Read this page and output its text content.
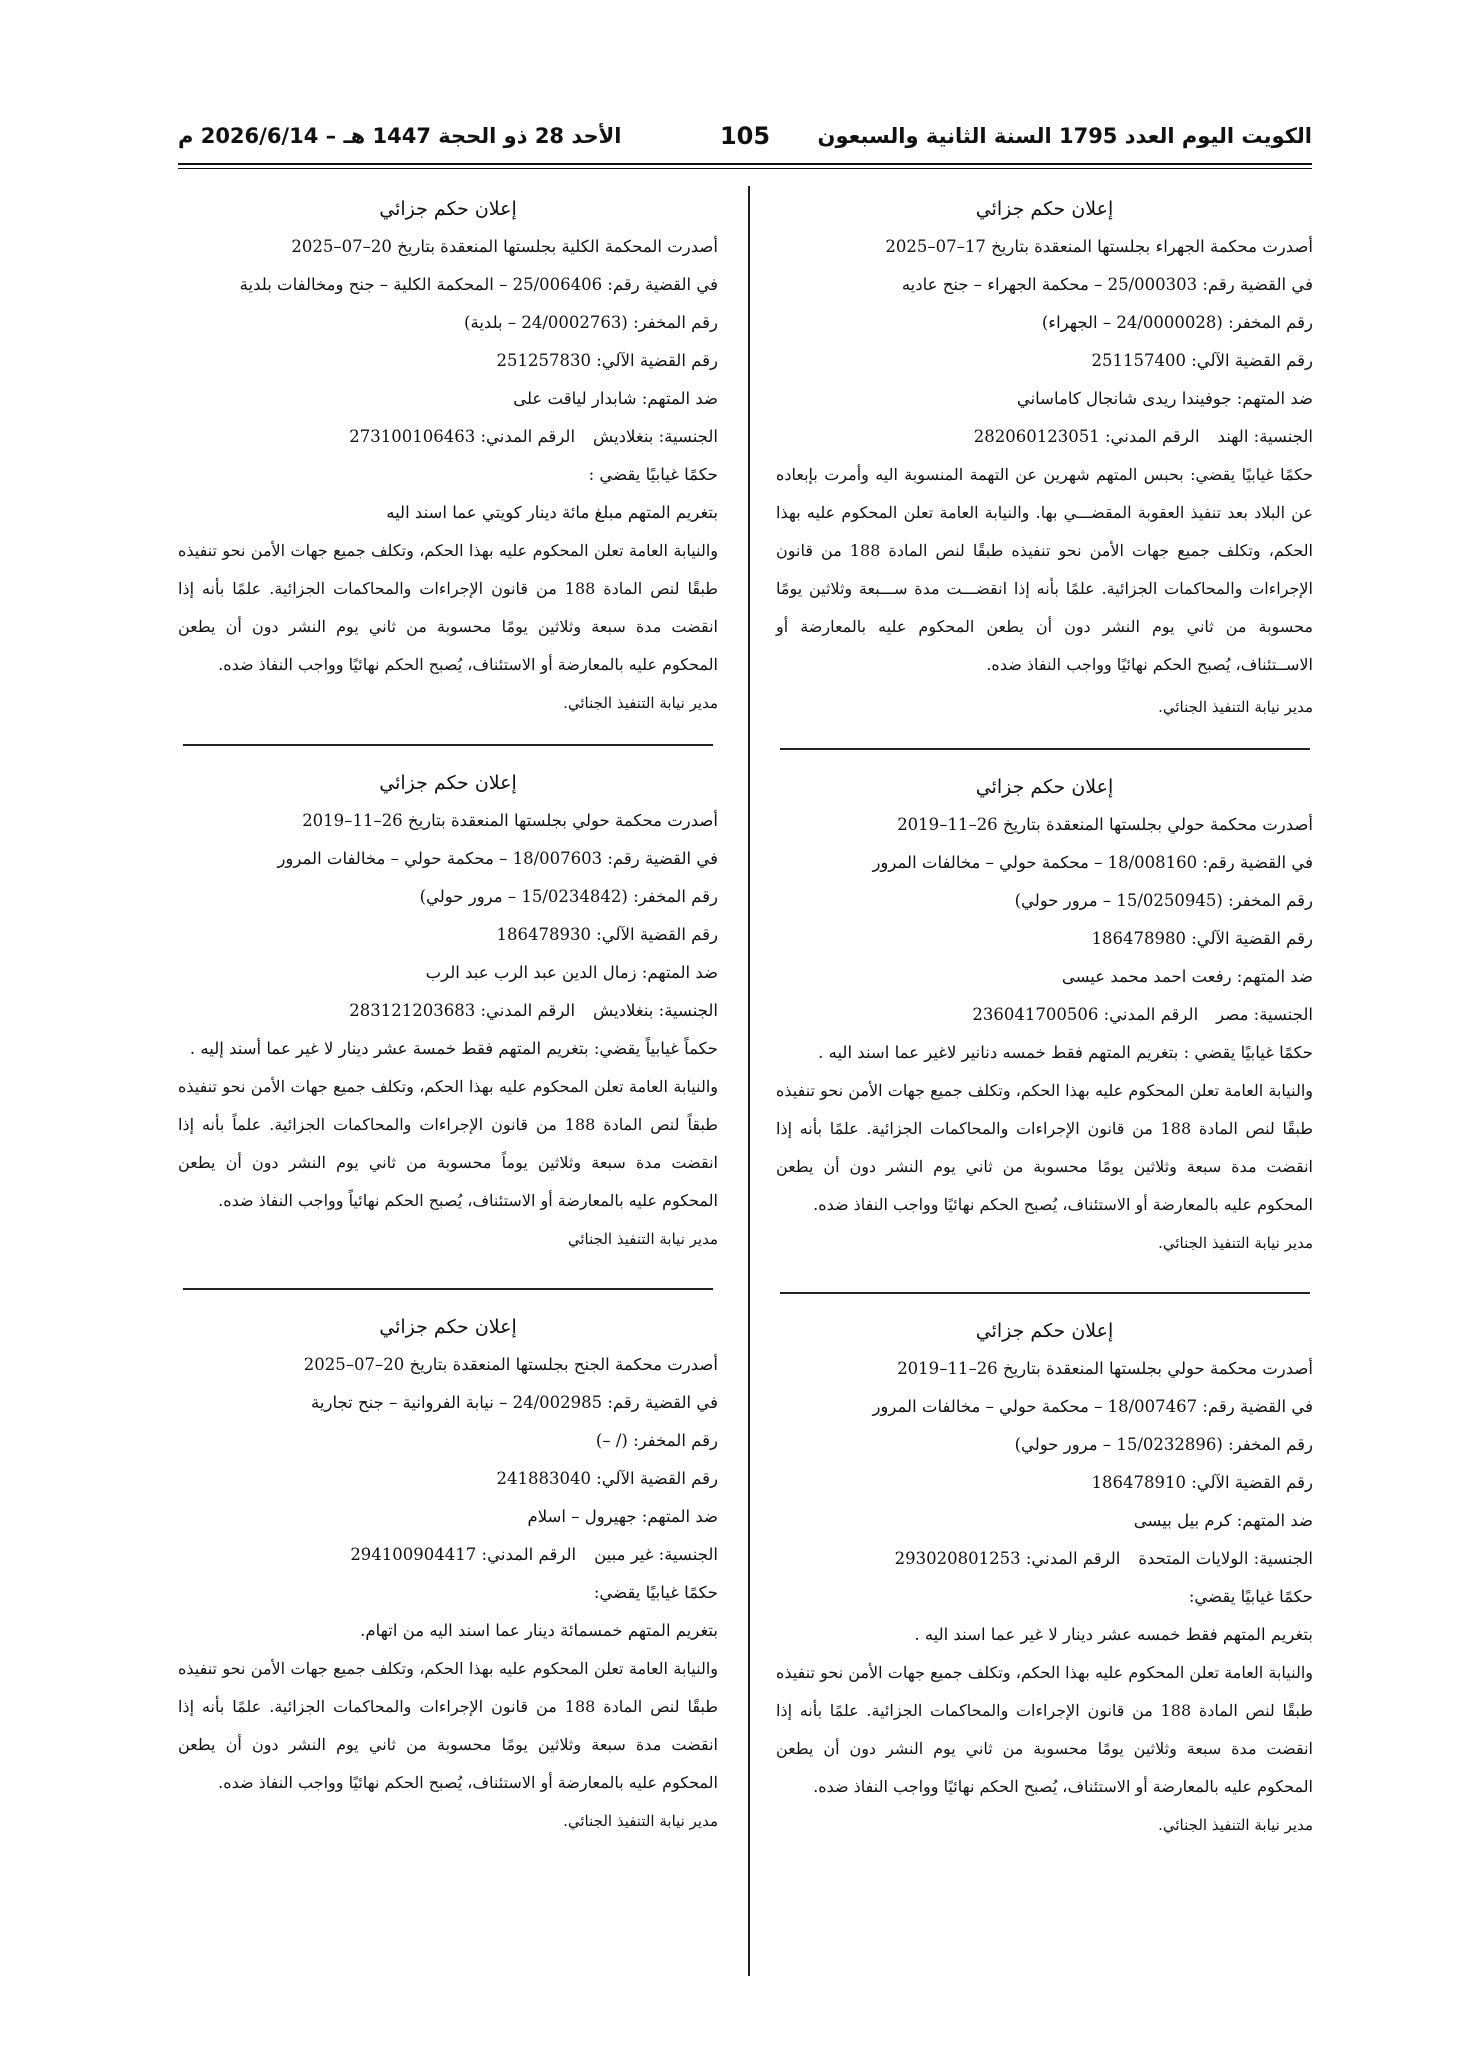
الكويت اليوم العدد 1795 السنة الثانية والسبعون
105
الأحد 28 ذو الحجة 1447 هـ – 2026/6/14 م
إعلان حكم جزائي
أصدرت محكمة الجهراء بجلستها المنعقدة بتاريخ 17–07–2025
في القضية رقم: 25/000303 – محكمة الجهراء – جنح عاديه
رقم المخفر: (24/0000028 – الجهراء)
رقم القضية الآلي: 251157400
ضد المتهم: جوفيندا ريدى شانجال كاماساني
الجنسية: الهندالرقم المدني: 282060123051
حكمًا غيابيًا يقضي: بحبس المتهم شهرين عن التهمة المنسوبة اليه وأمرت بإبعاده عن البلاد بعد تنفيذ العقوبة المقضـــي بها. والنيابة العامة تعلن المحكوم عليه بهذا الحكم، وتكلف جميع جهات الأمن نحو تنفيذه طبقًا لنص المادة 188 من قانون الإجراءات والمحاكمات الجزائية. علمًا بأنه إذا انقضـــت مدة ســـبعة وثلاثين يومًا محسوبة من ثاني يوم النشر دون أن يطعن المحكوم عليه بالمعارضة أو الاســتئناف، يُصبح الحكم نهائيًا وواجب النفاذ ضده.
مدير نيابة التنفيذ الجنائي.
إعلان حكم جزائي
أصدرت محكمة حولي بجلستها المنعقدة بتاريخ 26–11–2019
في القضية رقم: 18/008160 – محكمة حولي – مخالفات المرور
رقم المخفر: (15/0250945 – مرور حولي)
رقم القضية الآلي: 186478980
ضد المتهم: رفعت احمد محمد عيسى
الجنسية: مصرالرقم المدني: 236041700506
حكمًا غيابيًا يقضي : بتغريم المتهم فقط خمسه دنانير لاغير عما اسند اليه .
والنيابة العامة تعلن المحكوم عليه بهذا الحكم، وتكلف جميع جهات الأمن نحو تنفيذه طبقًا لنص المادة 188 من قانون الإجراءات والمحاكمات الجزائية. علمًا بأنه إذا انقضت مدة سبعة وثلاثين يومًا محسوبة من ثاني يوم النشر دون أن يطعن المحكوم عليه بالمعارضة أو الاستئناف، يُصبح الحكم نهائيًا وواجب النفاذ ضده.
مدير نيابة التنفيذ الجنائي.
إعلان حكم جزائي
أصدرت محكمة حولي بجلستها المنعقدة بتاريخ 26–11–2019
في القضية رقم: 18/007467 – محكمة حولي – مخالفات المرور
رقم المخفر: (15/0232896 – مرور حولي)
رقم القضية الآلي: 186478910
ضد المتهم: كرم بيل بيسى
الجنسية: الولايات المتحدةالرقم المدني: 293020801253
حكمًا غيابيًا يقضي:
بتغريم المتهم فقط خمسه عشر دينار لا غير عما اسند اليه .
والنيابة العامة تعلن المحكوم عليه بهذا الحكم، وتكلف جميع جهات الأمن نحو تنفيذه طبقًا لنص المادة 188 من قانون الإجراءات والمحاكمات الجزائية. علمًا بأنه إذا انقضت مدة سبعة وثلاثين يومًا محسوبة من ثاني يوم النشر دون أن يطعن المحكوم عليه بالمعارضة أو الاستئناف، يُصبح الحكم نهائيًا وواجب النفاذ ضده.
مدير نيابة التنفيذ الجنائي.
إعلان حكم جزائي
أصدرت المحكمة الكلية بجلستها المنعقدة بتاريخ 20–07–2025
في القضية رقم: 25/006406 – المحكمة الكلية – جنح ومخالفات بلدية
رقم المخفر: (24/0002763 – بلدية)
رقم القضية الآلي: 251257830
ضد المتهم: شابدار لياقت على
الجنسية: بنغلاديشالرقم المدني: 273100106463
حكمًا غيابيًا يقضي :
بتغريم المتهم مبلغ مائة دينار كويتي عما اسند اليه
والنيابة العامة تعلن المحكوم عليه بهذا الحكم، وتكلف جميع جهات الأمن نحو تنفيذه طبقًا لنص المادة 188 من قانون الإجراءات والمحاكمات الجزائية. علمًا بأنه إذا انقضت مدة سبعة وثلاثين يومًا محسوبة من ثاني يوم النشر دون أن يطعن المحكوم عليه بالمعارضة أو الاستئناف، يُصبح الحكم نهائيًا وواجب النفاذ ضده.
مدير نيابة التنفيذ الجنائي.
إعلان حكم جزائي
أصدرت محكمة حولي بجلستها المنعقدة بتاريخ 26–11–2019
في القضية رقم: 18/007603 – محكمة حولي – مخالفات المرور
رقم المخفر: (15/0234842 – مرور حولي)
رقم القضية الآلي: 186478930
ضد المتهم: زمال الدين عبد الرب عبد الرب
الجنسية: بنغلاديشالرقم المدني: 283121203683
حكماً غيابياً يقضي: بتغريم المتهم فقط خمسة عشر دينار لا غير عما أسند إليه .
والنيابة العامة تعلن المحكوم عليه بهذا الحكم، وتكلف جميع جهات الأمن نحو تنفيذه طبقاً لنص المادة 188 من قانون الإجراءات والمحاكمات الجزائية. علماً بأنه إذا انقضت مدة سبعة وثلاثين يوماً محسوبة من ثاني يوم النشر دون أن يطعن المحكوم عليه بالمعارضة أو الاستئناف، يُصبح الحكم نهائياً وواجب النفاذ ضده.
مدير نيابة التنفيذ الجنائي
إعلان حكم جزائي
أصدرت محكمة الجنح بجلستها المنعقدة بتاريخ 20–07–2025
في القضية رقم: 24/002985 – نيابة الفروانية – جنح تجارية
رقم المخفر: (/ –)
رقم القضية الآلي: 241883040
ضد المتهم: جهيرول – اسلام
الجنسية: غير مبينالرقم المدني: 294100904417
حكمًا غيابيًا يقضي:
بتغريم المتهم خمسمائة دينار عما اسند اليه من اتهام.
والنيابة العامة تعلن المحكوم عليه بهذا الحكم، وتكلف جميع جهات الأمن نحو تنفيذه طبقًا لنص المادة 188 من قانون الإجراءات والمحاكمات الجزائية. علمًا بأنه إذا انقضت مدة سبعة وثلاثين يومًا محسوبة من ثاني يوم النشر دون أن يطعن المحكوم عليه بالمعارضة أو الاستئناف، يُصبح الحكم نهائيًا وواجب النفاذ ضده.
مدير نيابة التنفيذ الجنائي.
